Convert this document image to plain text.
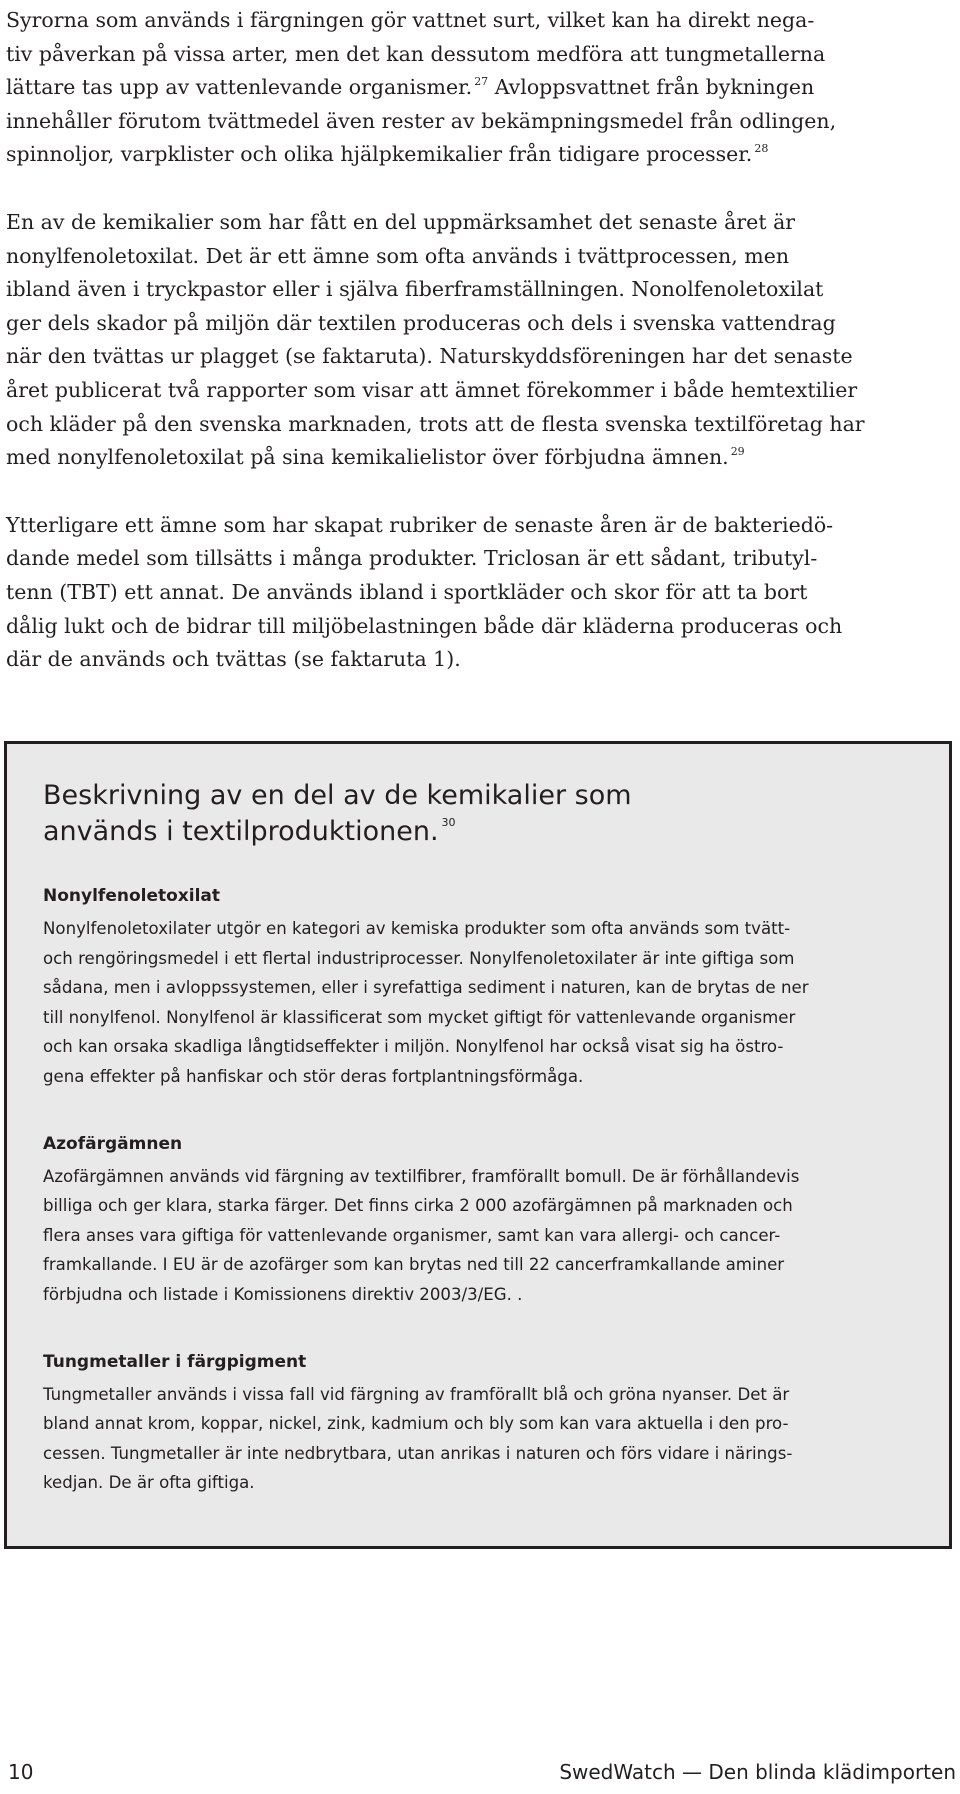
Syrorna som används i färgningen gör vattnet surt, vilket kan ha direkt nega-
tiv påverkan på vissa arter, men det kan dessutom medföra att tungmetallerna
lättare tas upp av vattenlevande organismer. $^{27}$ Avloppsvattnet från bykningen
innehåller förutom tvättmedel även rester av bekämpningsmedel från odlingen,
spinnoljor, varpklister och olika hjälpkemikalier från tidigare processer. $^{28}$

En av de kemikalier som har fått en del uppmärksamhet det senaste året är
nonylfenoletoxilat. Det är ett ämne som ofta används i tvättprocessen, men
ibland även i tryckpastor eller i själva fiberframställningen. Nonolfenoletoxilat
ger dels skador på miljön där textilen produceras och dels i svenska vattendrag
när den tvättas ur plagget (se faktaruta). Naturskyddsföreningen har det senaste
året publicerat två rapporter som visar att ämnet förekommer i både hemtextilier
och kläder på den svenska marknaden, trots att de flesta svenska textilföretag har
med nonylfenoletoxilat på sina kemikalielistor över förbjudna ämnen. $^{29}$

Ytterligare ett ämne som har skapat rubriker de senaste åren är de bakteriedö-
dande medel som tillsätts i många produkter. Triclosan är ett sådant, tributyl-
tenn (TBT) ett annat. De används ibland i sportkläder och skor för att ta bort
dålig lukt och de bidrar till miljöbelastningen både där kläderna produceras och
där de används och tvättas (se faktaruta 1).

Beskrivning av en del av de kemikalier som
används i textilproduktionen. $^{30}$
Nonylfenoletoxilat

Nonylfenoletoxilater utgör en kategori av kemiska produkter som ofta används som tvätt-
och rengöringsmedel i ett flertal industriprocesser. Nonylfenoletoxilater är inte giftiga som
sådana, men i avloppssystemen, eller i syrefattiga sediment i naturen, kan de brytas de ner
till nonylfenol. Nonylfenol är klassificerat som mycket giftigt för vattenlevande organismer
och kan orsaka skadliga långtidseffekter i miljön. Nonylfenol har också visat sig ha östro-
gena effekter på hanfiskar och stör deras fortplantningsförmåga.

Azofärgämnen

Azofärgämnen används vid färgning av textilfibrer, framförallt bomull. De är förhållandevis
billiga och ger klara, starka färger. Det finns cirka 2 000 azofärgämnen på marknaden och
flera anses vara giftiga för vattenlevande organismer, samt kan vara allergi- och cancer-
framkallande. I EU är de azofärger som kan brytas ned till 22 cancerframkallande aminer
förbjudna och listade i Komissionens direktiv 2003/3/EG. .

Tungmetaller i färgpigment

Tungmetaller används i vissa fall vid färgning av framförallt blå och gröna nyanser. Det är
bland annat krom, koppar, nickel, zink, kadmium och bly som kan vara aktuella i den pro-
cessen. Tungmetaller är inte nedbrytbara, utan anrikas i naturen och förs vidare i närings-
kedjan. De är ofta giftiga.

10	SwedWatch — Den blinda klädimporten
